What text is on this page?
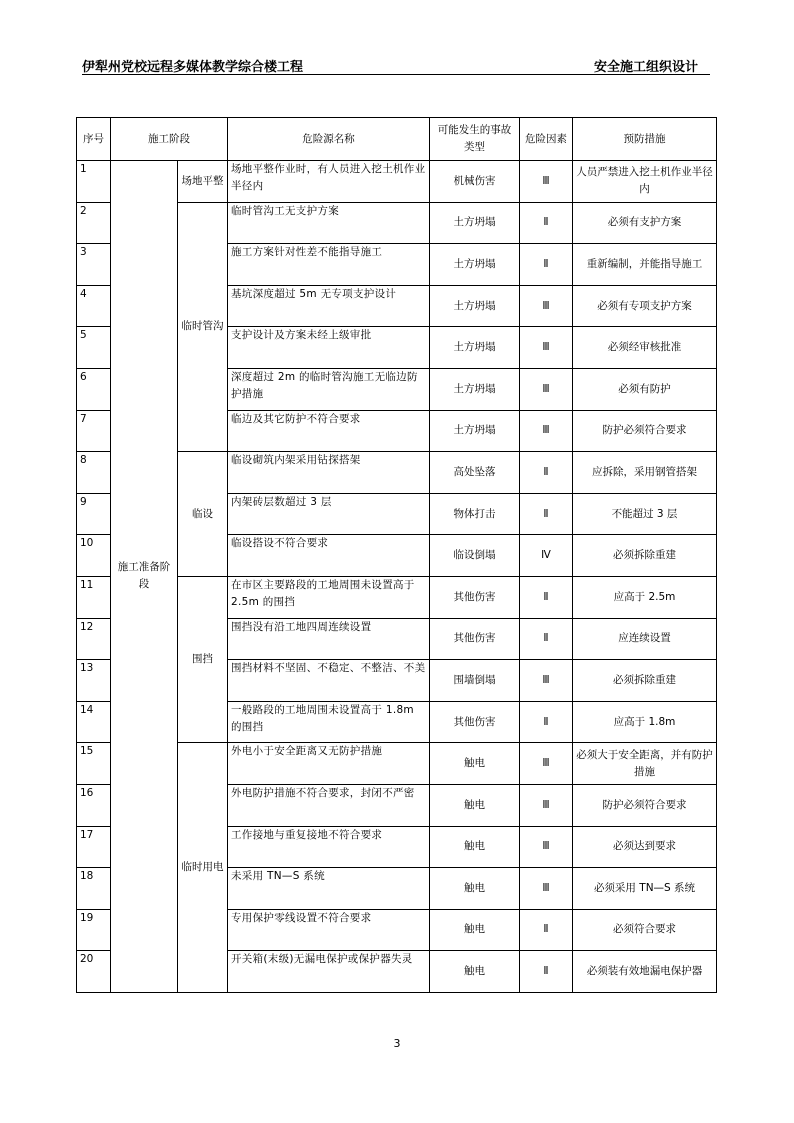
伊犁州党校远程多媒体教学综合楼工程	安全施工组织设计
序号	施工阶段		危险源名称	可能发生的事故类型	危险因素	预防措施
1	施工准备阶段	场地平整	场地平整作业时，有人员进入挖土机作业半径内	机械伤害	Ⅲ	人员严禁进入挖土机作业半径内
2		临时管沟	临时管沟工无支护方案	土方坍塌	Ⅱ	必须有支护方案
3			施工方案针对性差不能指导施工	土方坍塌	Ⅱ	重新编制，并能指导施工
4			基坑深度超过 5m 无专项支护设计	土方坍塌	Ⅲ	必须有专项支护方案
5			支护设计及方案未经上级审批	土方坍塌	Ⅲ	必须经审核批准
6			深度超过 2m 的临时管沟施工无临边防护措施	土方坍塌	Ⅲ	必须有防护
7			临边及其它防护不符合要求	土方坍塌	Ⅲ	防护必须符合要求
8		临设	临设砌筑内架采用钻探搭架	高处坠落	Ⅱ	应拆除，采用钢管搭架
9			内架砖层数超过 3 层	物体打击	Ⅱ	不能超过 3 层
10			临设搭设不符合要求	临设倒塌	Ⅳ	必须拆除重建
11		围挡	在市区主要路段的工地周围未设置高于 2.5m 的围挡	其他伤害	Ⅱ	应高于 2.5m
12			围挡没有沿工地四周连续设置	其他伤害	Ⅱ	应连续设置
13			围挡材料不坚固、不稳定、不整洁、不美	围墙倒塌	Ⅲ	必须拆除重建
14			一般路段的工地周围未设置高于 1.8m 的围挡	其他伤害	Ⅱ	应高于 1.8m
15		临时用电	外电小于安全距离又无防护措施	触电	Ⅲ	必须大于安全距离，并有防护措施
16			外电防护措施不符合要求，封闭不严密	触电	Ⅲ	防护必须符合要求
17			工作接地与重复接地不符合要求	触电	Ⅲ	必须达到要求
18			未采用 TN—S 系统	触电	Ⅲ	必须采用 TN—S 系统
19			专用保护零线设置不符合要求	触电	Ⅱ	必须符合要求
20			开关箱(末级)无漏电保护或保护器失灵	触电	Ⅱ	必须装有效地漏电保护器
3
